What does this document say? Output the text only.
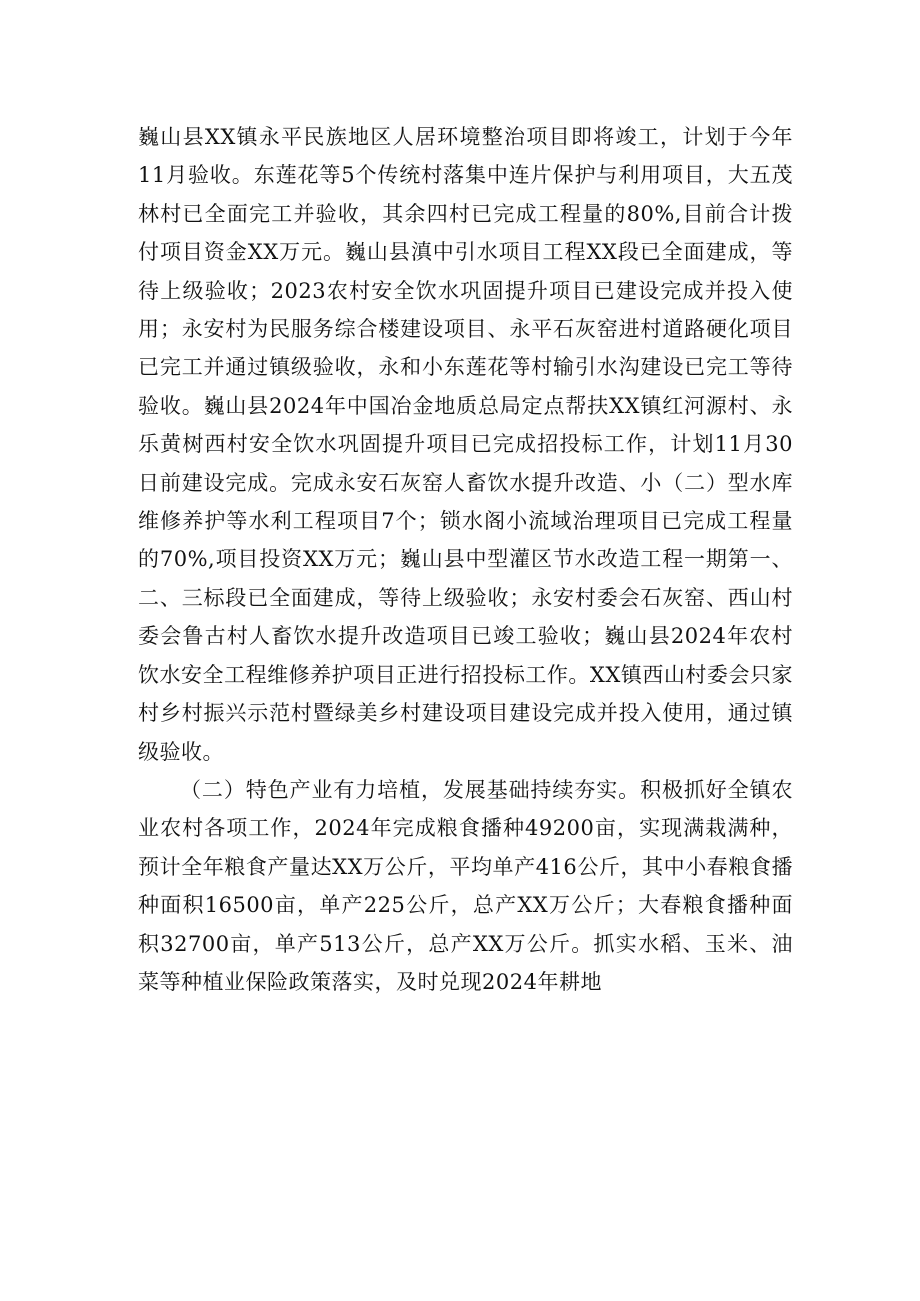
巍山县XX镇永平民族地区人居环境整治项目即将竣工，计划于今年11月验收。东莲花等5个传统村落集中连片保护与利用项目，大五茂林村已全面完工并验收，其余四村已完成工程量的80%,目前合计拨付项目资金XX万元。巍山县滇中引水项目工程XX段已全面建成，等待上级验收；2023农村安全饮水巩固提升项目已建设完成并投入使用；永安村为民服务综合楼建设项目、永平石灰窑进村道路硬化项目已完工并通过镇级验收，永和小东莲花等村输引水沟建设已完工等待验收。巍山县2024年中国冶金地质总局定点帮扶XX镇红河源村、永乐黄树西村安全饮水巩固提升项目已完成招投标工作，计划11月30日前建设完成。完成永安石灰窑人畜饮水提升改造、小（二）型水库维修养护等水利工程项目7个；锁水阁小流域治理项目已完成工程量的70%,项目投资XX万元；巍山县中型灌区节水改造工程一期第一、二、三标段已全面建成，等待上级验收；永安村委会石灰窑、西山村委会鲁古村人畜饮水提升改造项目已竣工验收；巍山县2024年农村饮水安全工程维修养护项目正进行招投标工作。XX镇西山村委会只家村乡村振兴示范村暨绿美乡村建设项目建设完成并投入使用，通过镇级验收。

（二）特色产业有力培植，发展基础持续夯实。积极抓好全镇农业农村各项工作，2024年完成粮食播种49200亩，实现满栽满种，预计全年粮食产量达XX万公斤，平均单产416公斤，其中小春粮食播种面积16500亩，单产225公斤，总产XX万公斤；大春粮食播种面积32700亩，单产513公斤，总产XX万公斤。抓实水稻、玉米、油菜等种植业保险政策落实，及时兑现2024年耕地
